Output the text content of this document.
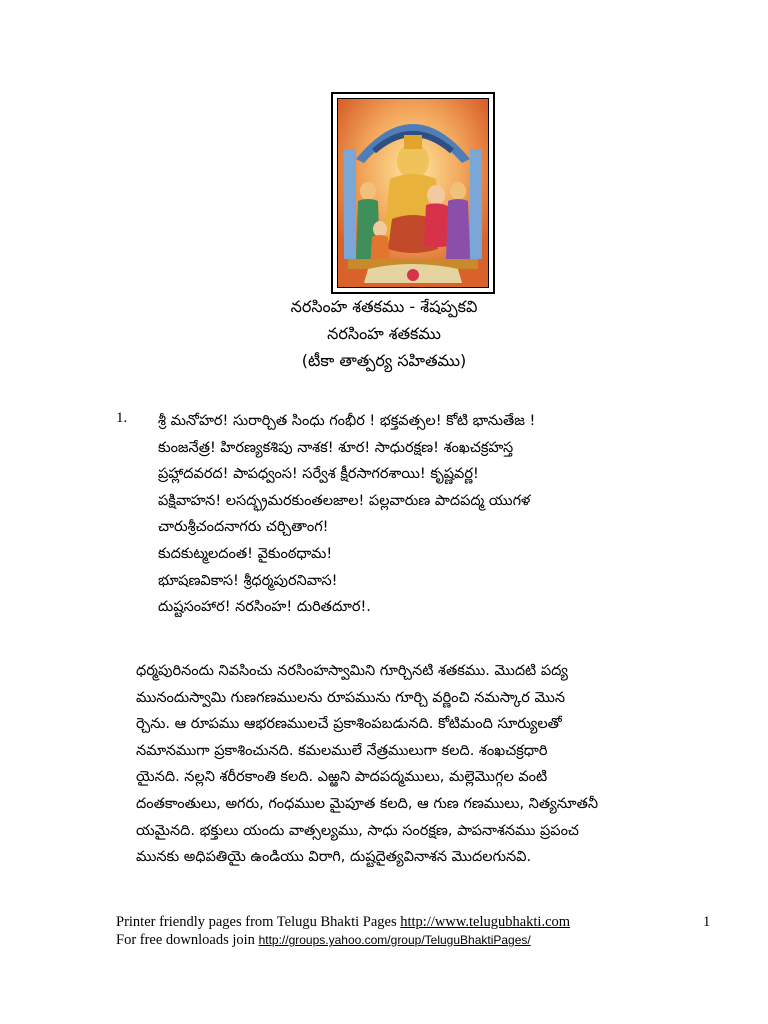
నరసింహ శతకము - శేషప్పకవి
నరసింహ శతకము
(టీకా తాత్పర్య సహితము)
1. శ్రీ మనోహర! సురార్చిత సింధు గంభీర ! భక్తవత్సల! కోటి భానుతేజ !
కుంజనేత్ర! హిరణ్యకశిపు నాశక! శూర! సాధురక్షణ! శంఖచక్రహస్త
ప్రహ్లాదవరద! పాపధ్వంస! సర్వేశ క్షీరసాగరశాయి! కృష్ణవర్ణ!
పక్షివాహన! లసద్భ్రమరకుంతలజాల! పల్లవారుణ పాదపద్మ యుగళ
చారుశ్రీచందనాగరు చర్చితాంగ!
కుదకుట్మలదంత! వైకుంఠధామ!
భూషణవికాస! శ్రీధర్మపురనివాస!
దుష్టసంహార! నరసింహ! దురితదూర!.
ధర్మపురినందు నివసించు నరసింహస్వామిని గూర్చినటి శతకము. మొదటి పద్య
మునందుస్వామి గుణగణములను రూపమును గూర్చి వర్ణించి నమస్కార మొన
ర్చెను. ఆ రూపము ఆభరణములచే ప్రకాశింపబడునది. కోటిమంది సూర్యులతో
నమానముగా ప్రకాశించునది. కమలములే నేత్రములుగా కలది. శంఖచక్రధారి
యైనది. నల్లని శరీరకాంతి కలది. ఎఱ్ఱని పాదపద్మములు, మల్లెమొగ్గల వంటి
దంతకాంతులు, అగరు, గంధముల మైపూత కలది, ఆ గుణ గణములు, నిత్యనూతనీ
యమైనది. భక్తులు యందు వాత్సల్యము, సాధు సంరక్షణ, పాపనాశనము ప్రపంచ
మునకు అధిపతియై ఉండియు విరాగి, దుష్టదైత్యవినాశన మొదలగునవి.
Printer friendly pages from Telugu Bhakti Pages http://www.telugubhakti.com
For free downloads join http://groups.yahoo.com/group/TeluguBhaktiPages/
1
